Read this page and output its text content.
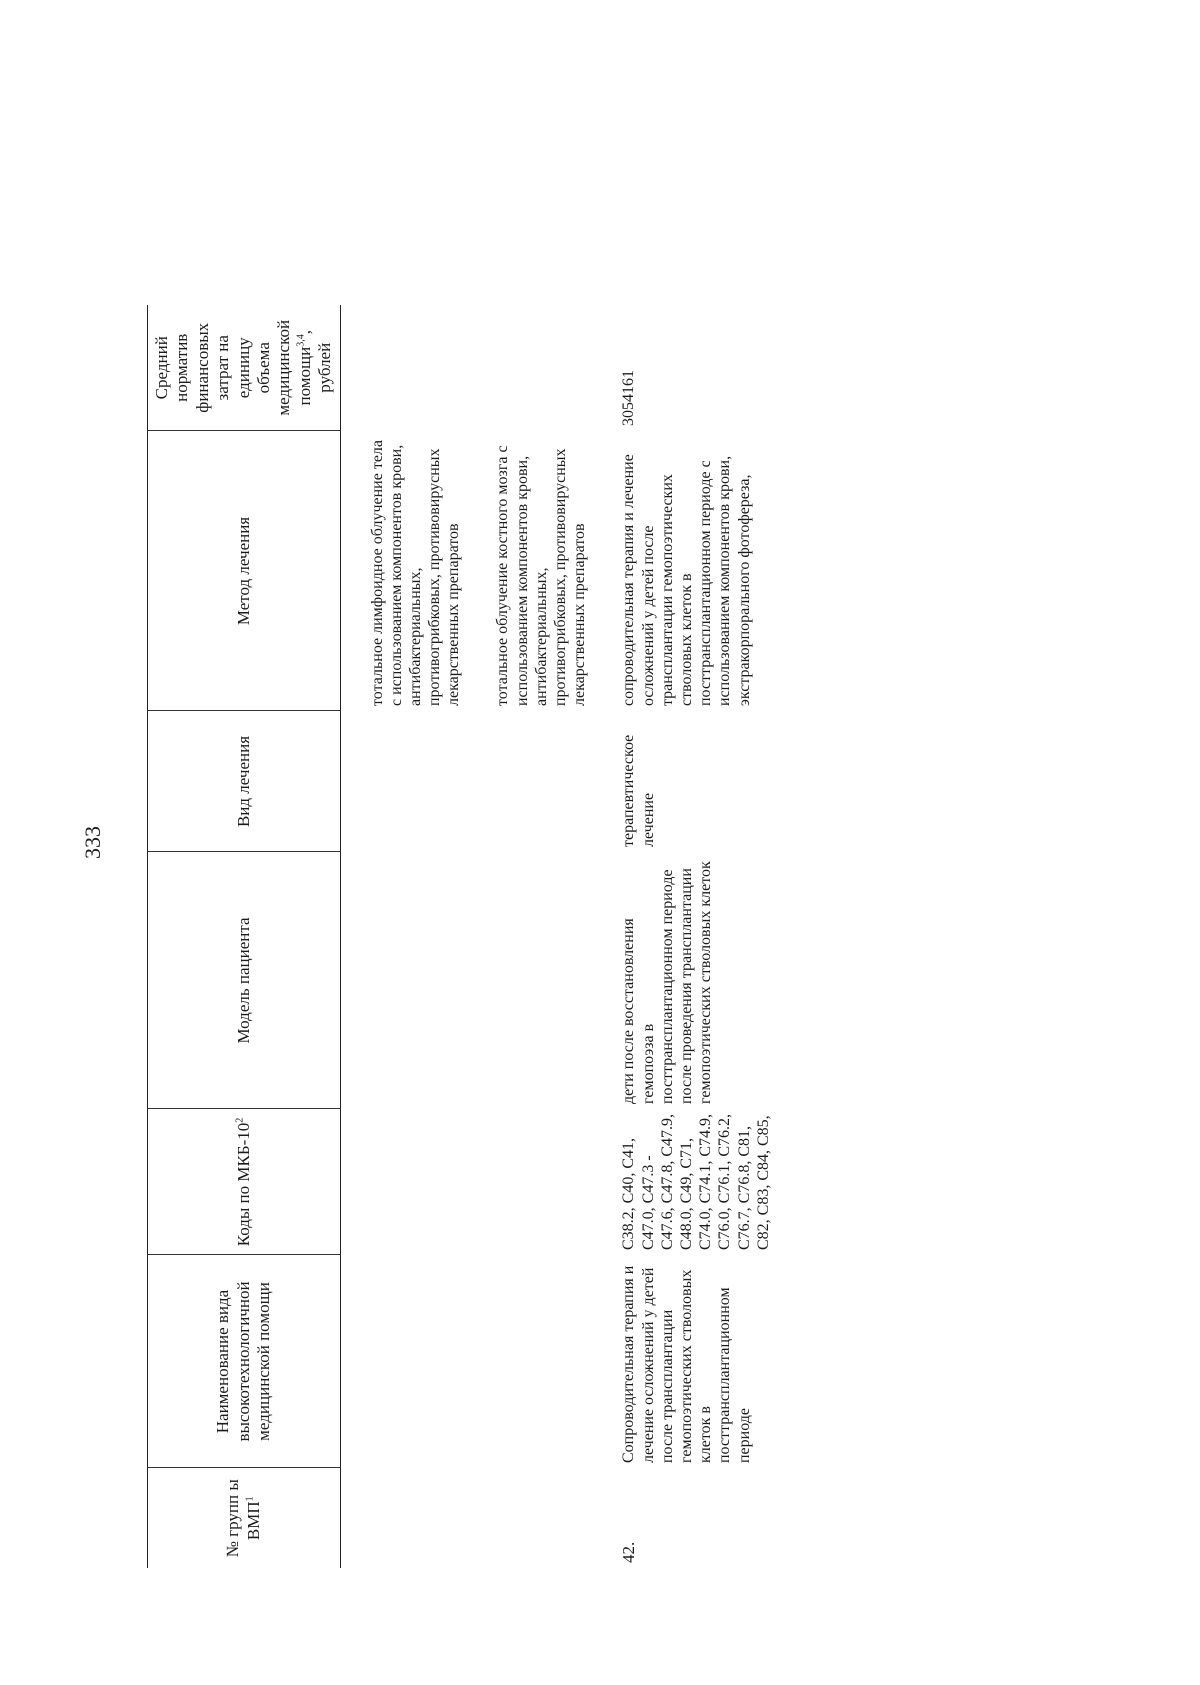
333
№ групп ы ВМП$^1$	Наименование вида высокотехнологичной медицинской помощи	Коды по МКБ-$10^2$	Модель пациента	Вид лечения	Метод лечения	Средний норматив финансовых затрат на единицу объема медицинской помощи$^{3,4}$, рублей

					тотальное лимфоидное облучение тела с использованием компонентов крови, антибактериальных, противогрибковых, противовирусных лекарственных препаратов	

					тотальное облучение костного мозга с использованием компонентов крови, антибактериальных, противогрибковых, противовирусных лекарственных препаратов	

42.	Сопроводительная терапия и лечение осложнений у детей после трансплантации гемопоэтических стволовых клеток в посттрансплантационном периоде	C38.2, C40, C41, C47.0, C47.3 - C47.6, C47.8, C47.9, C48.0, C49, C71, C74.0, C74.1, C74.9, C76.0, C76.1, C76.2, C76.7, C76.8, C81, C82, C83, C84, C85,	дети после восстановления гемопоэза в посттрансплантационном периоде после проведения трансплантации гемопоэтических стволовых клеток	терапевтическое лечение	сопроводительная терапия и лечение осложнений у детей после трансплантации гемопоэтических стволовых клеток в посттрансплантационном периоде с использованием компонентов крови, экстракорпорального фотофереза,	3054161
